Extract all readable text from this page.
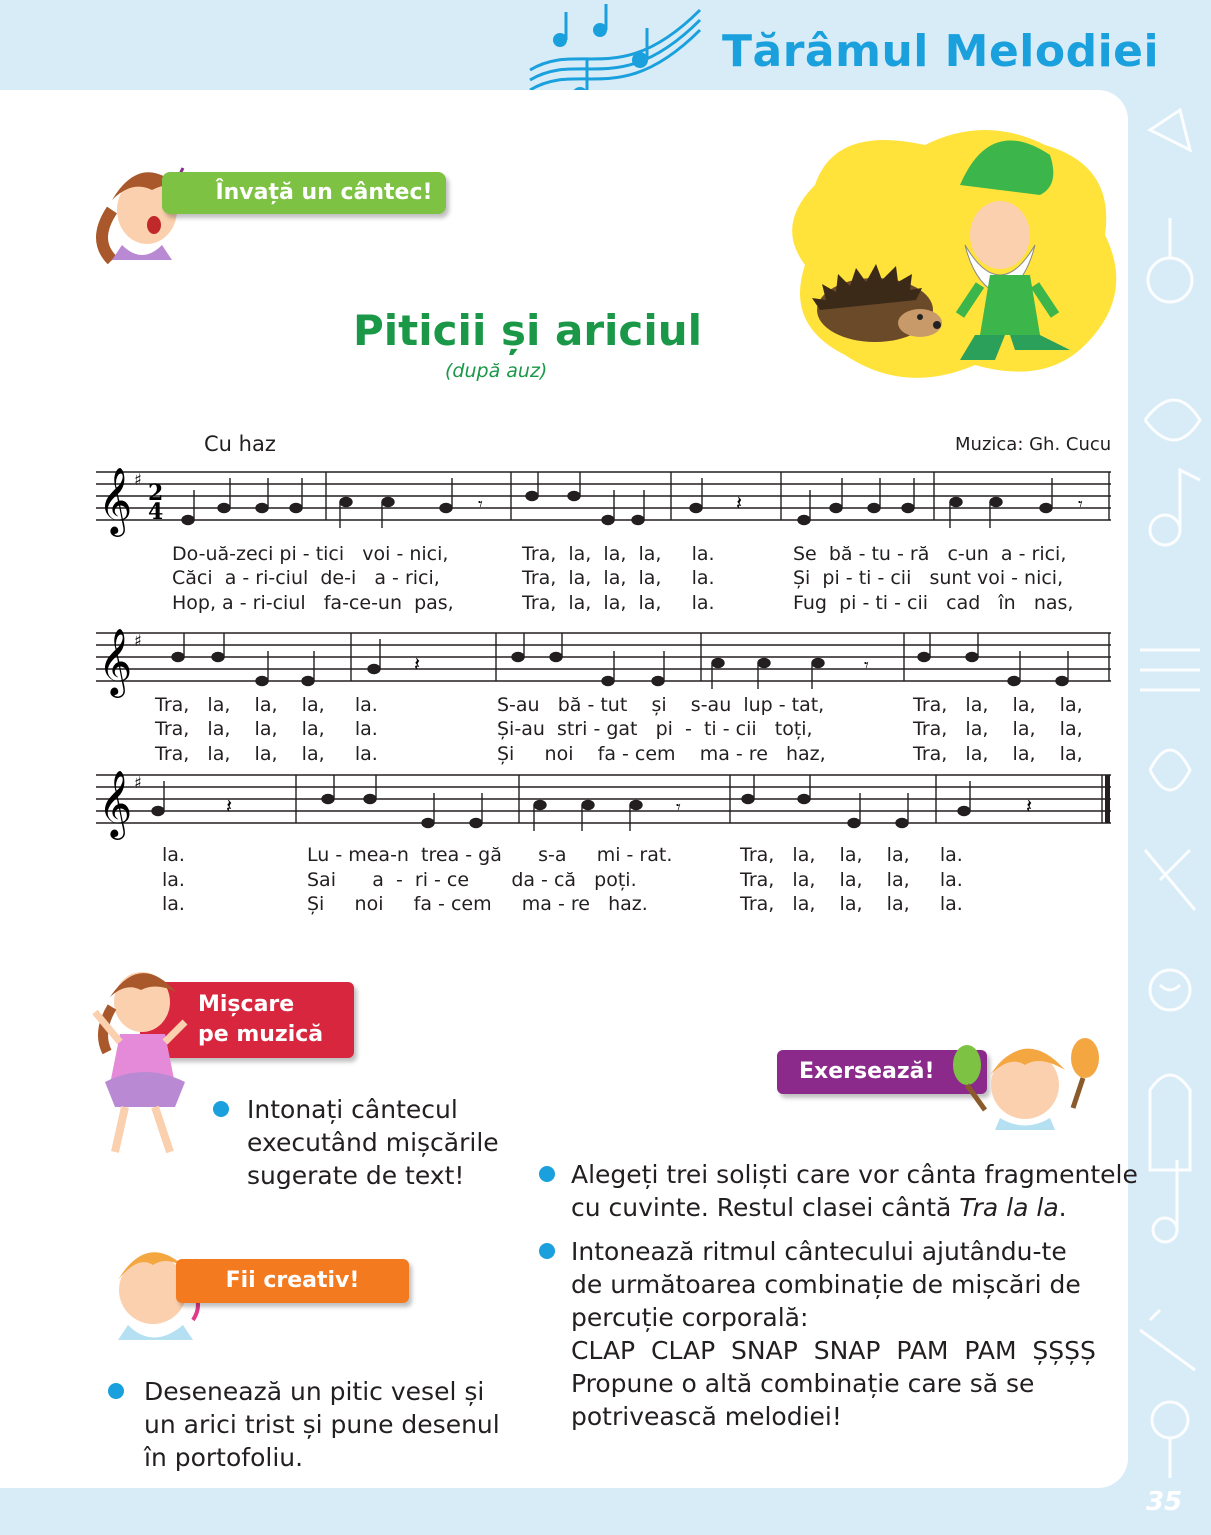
Tărâmul Melodiei
Învață un cântec!
Piticii și ariciul
(după auz)
Cu haz	Muzica: Gh. Cucu
𝄞 2
4
♯
𝄾	𝄽	𝄾
Do-uă-zeci pi - tici   voi - nici,
Căci  a - ri-ciul  de-i   a - rici,
Hop, a - ri-ciul   fa-ce-un  pas,
Tra,  la,  la,  la,     la.
Tra,  la,  la,  la,     la.
Tra,  la,  la,  la,     la.
Se  bă - tu - ră   c-un  a - rici,
Și  pi - ti - cii   sunt voi - nici,
Fug  pi - ti - cii   cad   în   nas,
𝄞 ♯
𝄽	𝄾
Tra,   la,    la,    la,     la.
Tra,   la,    la,    la,     la.
Tra,   la,    la,    la,     la.
S-au   bă - tut    și    s-au  lup - tat,
Și-au  stri - gat   pi  -  ti - cii   toți,
Și     noi    fa - cem    ma - re   haz,
Tra,   la,    la,    la,
Tra,   la,    la,    la,
Tra,   la,    la,    la,
𝄞 ♯
𝄽	𝄾	𝄽
la.
la.
la.
Lu - mea-n  trea - gă      s-a     mi - rat.
Sai      a  -  ri - ce       da - că   poți.
Și     noi     fa - cem     ma - re   haz.
Tra,   la,    la,    la,     la.
Tra,   la,    la,    la,     la.
Tra,   la,    la,    la,     la.
Mișcare
pe muzică
Intonați cântecul
executând mișcările
sugerate de text!
Fii creativ!
Desenează un pitic vesel și
un arici trist și pune desenul
în portofoliu.
Exersează!
Alegeți trei soliști care vor cânta fragmentele
cu cuvinte. Restul clasei cântă Tra la la.
Intonează ritmul cântecului ajutându-te
de următoarea combinație de mișcări de
percuție corporală:
CLAP  CLAP  SNAP  SNAP  PAM  PAM  ȘȘȘȘ
Propune o altă combinație care să se
potrivească melodiei!
35
